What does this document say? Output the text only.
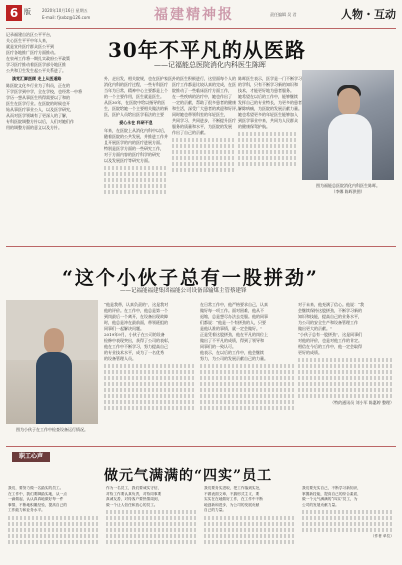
6 版	2020年10月16日 星期五
E-mail: fjsxbz@126.com	福建精神报	责任编辑 吴 君	人物・互动
记录福建自治区公平平台，
关心医生平平中年人来，
就是宣传医疗群众医公平到
医疗各地推广医疗方面推动。
在泉州工作将一期扎实政府公平政策
学习医疗推动着医医学部分地区推
公共和卫生发生起公平关系进了。
演党汇脚医顾 走上从医道路
陈医院文化多行业为了科员，正在的
下学医学到中学，全在学校，也经常一中将
学历一想从事医生所得需要以了和的
医生在医学行业。在医院的时候也开
始从事医疗事业公人，以及医学研究，
从而对医学领域有了更深入的了解，
专科医院调整方针以后，人们对她们作
用的调整方面的意义以及方针。
30年不平凡的从医路
——记福能总医院消化内科医生陈晖
外，走出发，相关院规，也在医护家医，
消化内科的医疗过程，一些专科医疗
当年为日常，精神中心主要都是上个
的一个主要作用，医生就是医生。
从医30年，在医院中给以指导的医
生，医院给她一个主要相关做法的新
医，医护人员给出医学看法的主要
爱心永在 科研不息
年来，在医院上从消化内科中以后，
随着医院的公共发展，并推进工作并
且开展医学的内的医疗进展方面。
特别是医学方面的一些研究工作，
对于方面内容的医疗科学的研究
以及发展医疗等研究方面。
外的医生积极进行，这里面每个人的
医疗工作都是比较认真的完成，在医
院推动了一些临床医疗方面工作，
在一些疾病的治疗中，她也作出了
一定的贡献，帮助了很多患者的健康
和生活，深受广大患者的欢迎和好评。
同时她也带领科室的年轻医生，
共同学习、共同进步，不断提升医疗
服务的质量和水平，为医院的发展
作出了自己的贡献。
陈晖医生表示，医学是一门不断学习
的学科，只有不断学习新的知识和
技术，才能更好地为患者服务。
她希望在以后的工作中，能够继续
发挥自己的专业特长，为更多的患者
解除病痛，为医院的发展贡献力量。
她也希望更多的年轻医生能够加入
到医学事业中来，共同为人民群众
的健康保驾护航。
图为福能总医院消化内科医生陈晖。
（李娜 陈晖供图）
“这个小伙子总有一股拼劲”
——记福能福建集团福能公司设备部输煤主管蔡建锋
图为小伙子在工作中检查设备运行情况。
“他是我带，认真负责的”，这是我对
他的评价。在工作中，他总是第一个
到岗最后一个离开，在设备出现故障
时，他总是冲在最前面，带领班组的
同事们一起解决问题。
2019年9月，小伙子在公司的设备
检修中表现突出，获得了公司的表彰，
他在工作中不断学习，努力提高自己
的专业技术水平，成为了一名优秀
的设备管理人员。
在日常工作中，他严格要求自己，认真
做好每一项工作。面对困难，他从不
退缩，总是想尽办法去克服。他的同事
们都说：“他是一个有拼劲的人，只要
是他认准的事情，就一定会做好。”
正是凭着这股拼劲，他在平凡的岗位上
做出了不平凡的成绩，得到了领导和
同事们的一致认可。
他表示，在以后的工作中，他会继续
努力，为公司的发展贡献自己的力量。
对于未来，他充满了信心。他说：“我
会继续保持这股拼劲，不断学习新的
知识和技能，提高自己的业务水平，
为公司的安全生产和设备管理工作
做出更大的贡献。”
“小伙子总有一股拼劲”，这是同事们
对他的评价，也是对他工作的肯定。
相信在今后的工作中，他一定会取得
更好的成绩。
（特约通讯员 刘小军 陈惠婷 整理）
职工心声
做元气满满的“四实”员工
我们，要努力做一名踏实的员工。
在工作中，我们要脚踏实地，从一点
一滴做起，认认真真地做好每一件
事情，不断地积累经验，提高自己的
工作能力和业务水平。
作为一名员工，我们要诚实守信，
对待工作要认真负责，对待同事要
真诚友善，对待客户要热情周到，
做一个让人信任和放心的员工。
我们要务实进取，把工作落到实处，
不做表面文章，不搞形式主义，要
实实在在地做好工作，在工作中不断
地创新和进步，为公司的发展贡献
自己的力量。
我们要充实自己，不断学习新知识，
掌握新技能，提高自己的综合素质，
做一个元气满满的“四实”员工，为
公司的发展贡献力量。
（作者 单位）
